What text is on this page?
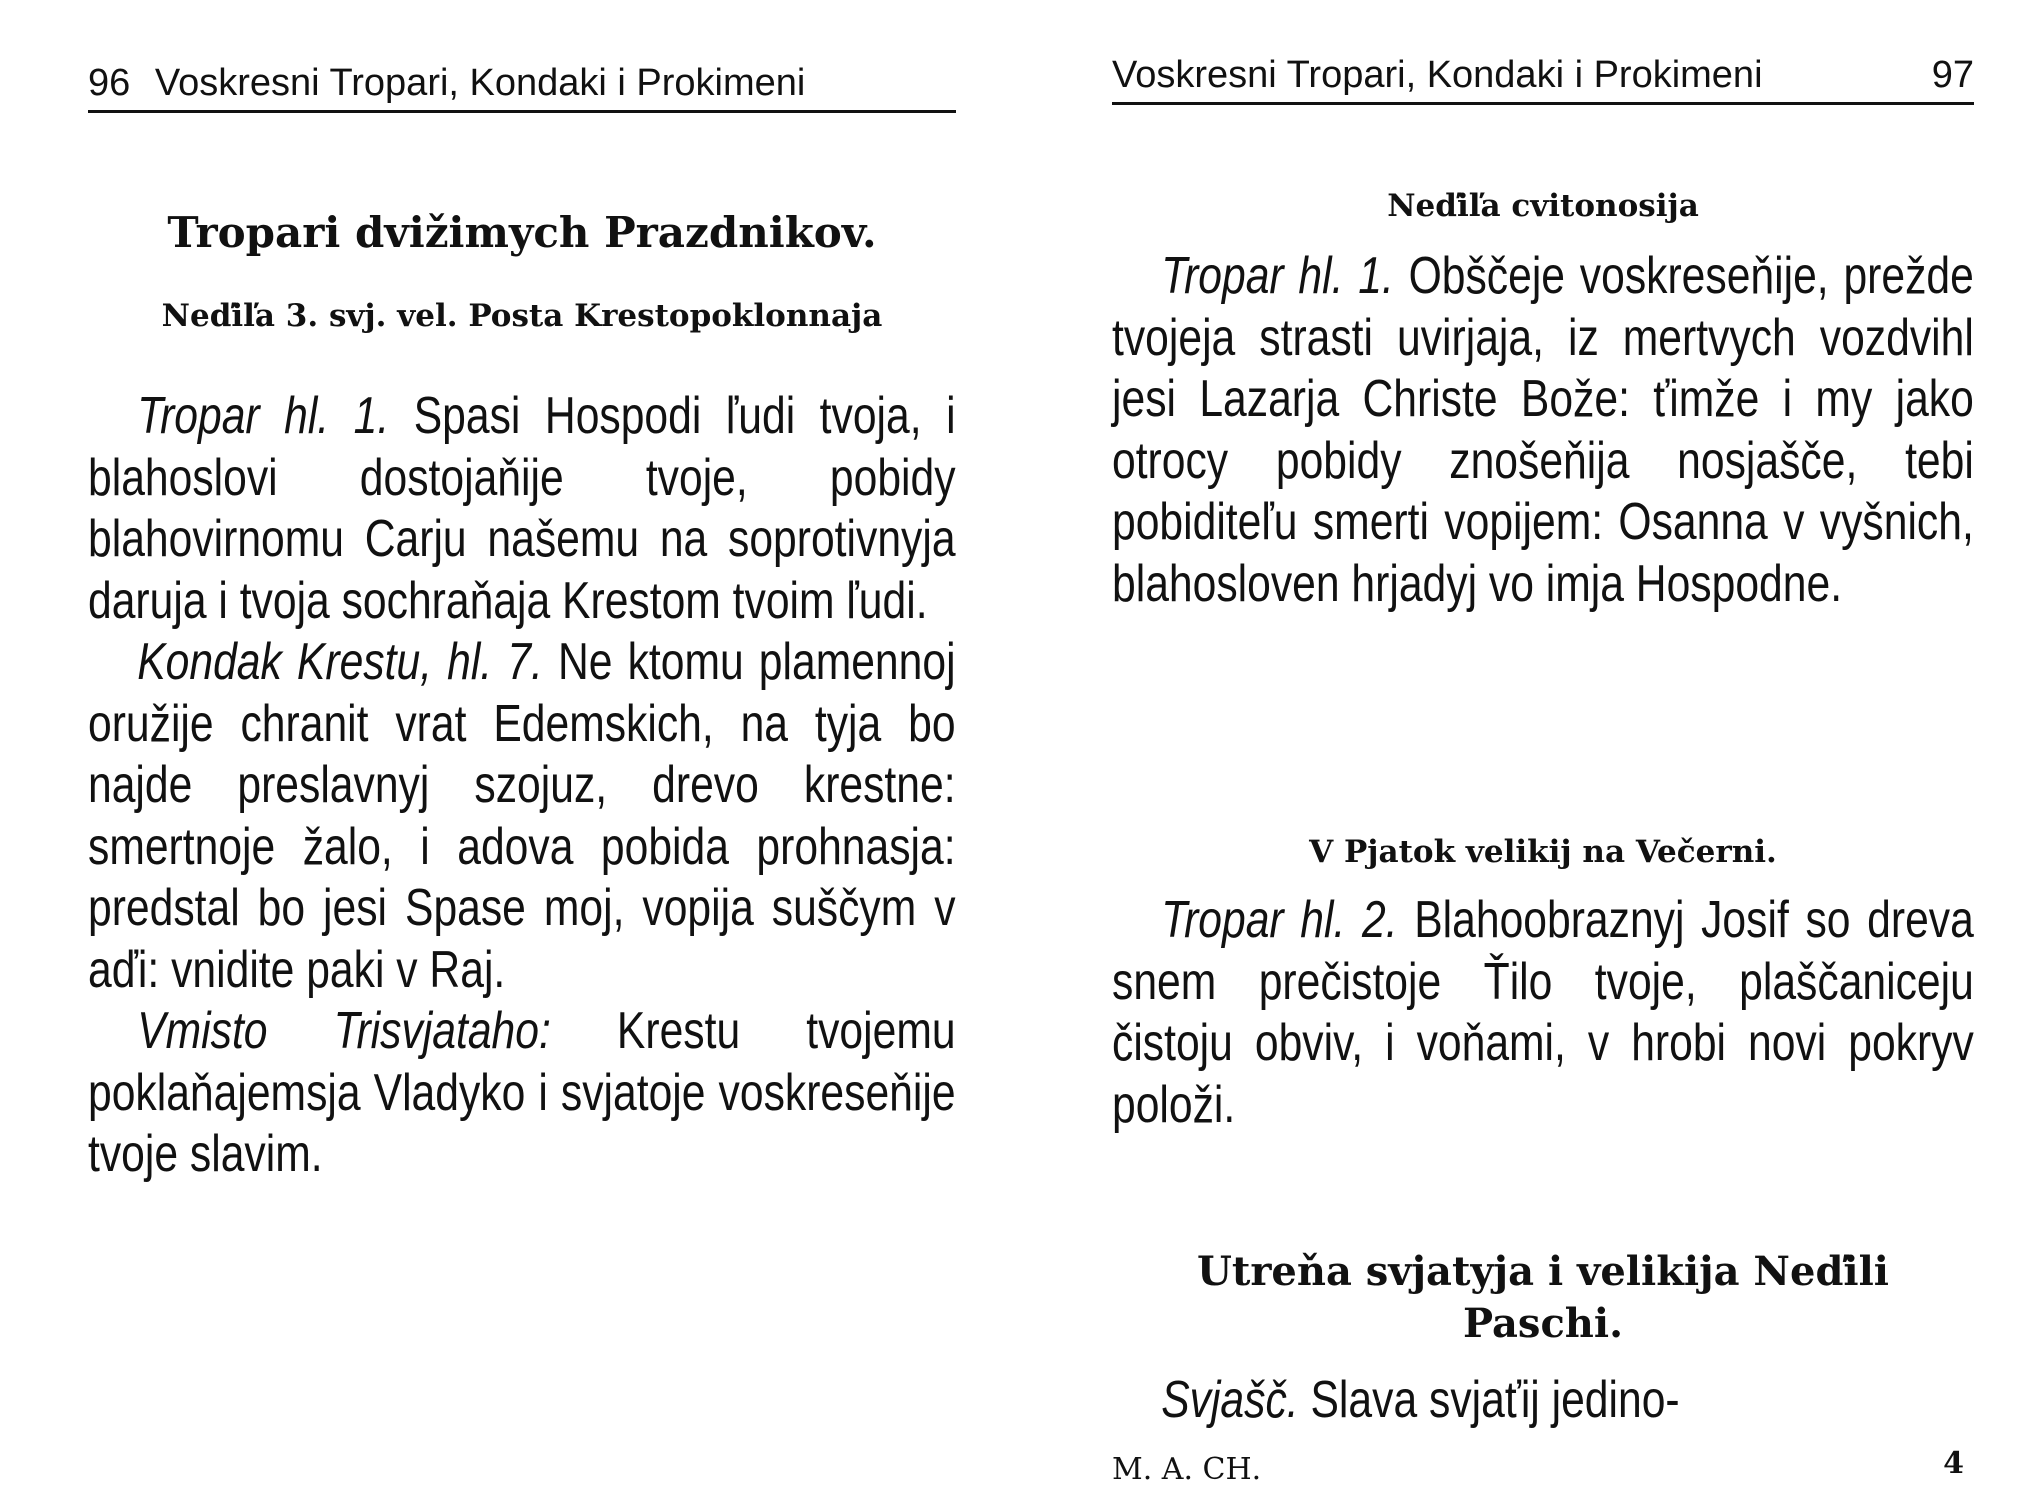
96 Voskresni Tropari, Kondaki i Prokimeni
Tropari dvižimych Prazdnikov.
Neďiľa 3. svj. vel. Posta Krestopoklonnaja

Tropar hl. 1. Spasi Hospodi ľudi tvoja, i blahoslovi dostojaňije tvoje, pobidy blahovirnomu Carju našemu na soprotivnyja daruja i tvoja sochraňaja Krestom tvoim ľudi.

Kondak Krestu, hl. 7. Ne ktomu plamennoj oružije chranit vrat Edemskich, na tyja bo najde preslavnyj szojuz, drevo krestne: smertnoje žalo, i adova pobida prohnasja: predstal bo jesi Spase moj, vopija suščym v aďi: vnidite paki v Raj.

Vmisto Trisvjataho: Krestu tvojemu poklaňajemsja Vladyko i svjatoje voskreseňije tvoje slavim.

Voskresni Tropari, Kondaki i Prokimeni	97
Neďiľa cvitonosija

Tropar hl. 1. Obščeje voskreseňije, prežde tvojeja strasti uvirjaja, iz mertvych vozdvihl jesi Lazarja Christe Bože: ťimže i my jako otrocy pobidy znošeňija nosjašče, tebi pobiditeľu smerti vopijem: Osanna v vyšnich, blahosloven hrjadyj vo imja Hospodne.

V Pjatok velikij na Večerni.

Tropar hl. 2. Blahoobraznyj Josif so dreva snem prečistoje Ťilo tvoje, plaščaniceju čistoju obviv, i voňami, v hrobi novi pokryv položi.

Utreňa svjatyja i velikija Neďili
Paschi.

Svjašč. Slava svjaťij jedino-

M. A. CH.	4
